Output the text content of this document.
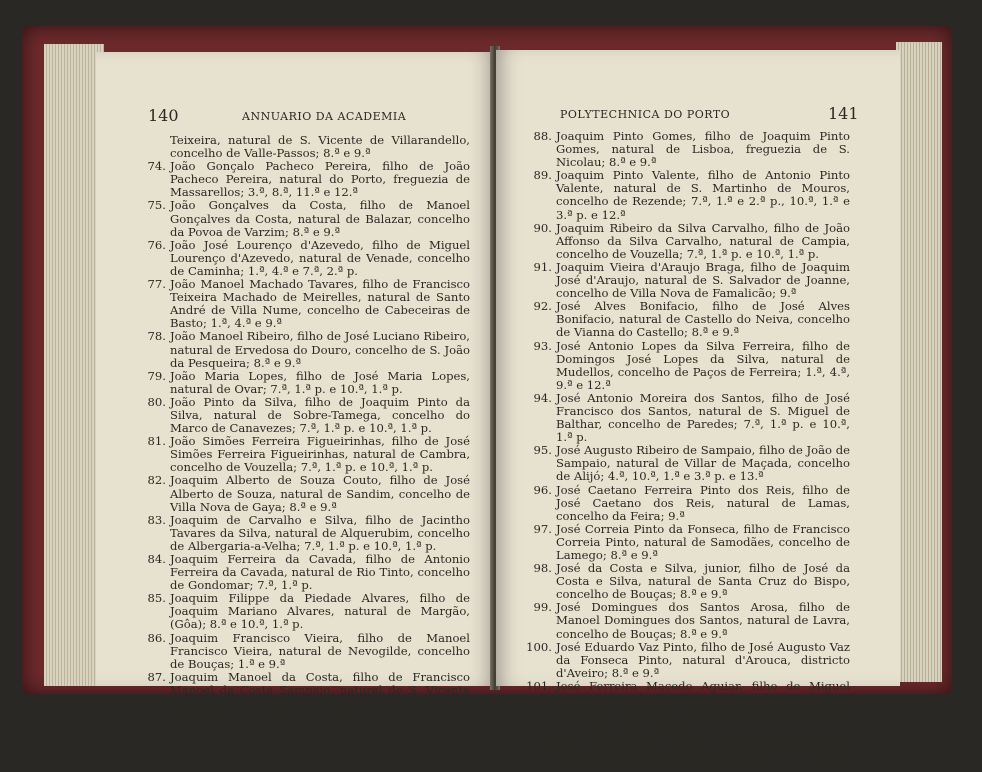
140	ANNUARIO DA ACADEMIA
Teixeira, natural de S. Vicente de Villarandello, concelho de Valle-Passos; 8.ª e 9.ª
74. João Gonçalo Pacheco Pereira, filho de João Pacheco Pereira, natural do Porto, freguezia de Massarellos; 3.ª, 8.ª, 11.ª e 12.ª
75. João Gonçalves da Costa, filho de Manoel Gonçalves da Costa, natural de Balazar, concelho da Povoa de Varzim; 8.ª e 9.ª
76. João José Lourenço d'Azevedo, filho de Miguel Lourenço d'Azevedo, natural de Venade, concelho de Caminha; 1.ª, 4.ª e 7.ª, 2.ª p.
77. João Manoel Machado Tavares, filho de Francisco Teixeira Machado de Meirelles, natural de Santo André de Villa Nume, concelho de Cabeceiras de Basto; 1.ª, 4.ª e 9.ª
78. João Manoel Ribeiro, filho de José Luciano Ribeiro, natural de Ervedosa do Douro, concelho de S. João da Pesqueira; 8.ª e 9.ª
79. João Maria Lopes, filho de José Maria Lopes, natural de Ovar; 7.ª, 1.ª p. e 10.ª, 1.ª p.
80. João Pinto da Silva, filho de Joaquim Pinto da Silva, natural de Sobre-Tamega, concelho do Marco de Canavezes; 7.ª, 1.ª p. e 10.ª, 1.ª p.
81. João Simões Ferreira Figueirinhas, filho de José Simões Ferreira Figueirinhas, natural de Cambra, concelho de Vouzella; 7.ª, 1.ª p. e 10.ª, 1.ª p.
82. Joaquim Alberto de Souza Couto, filho de José Alberto de Souza, natural de Sandim, concelho de Villa Nova de Gaya; 8.ª e 9.ª
83. Joaquim de Carvalho e Silva, filho de Jacintho Tavares da Silva, natural de Alquerubim, concelho de Albergaria-a-Velha; 7.ª, 1.ª p. e 10.ª, 1.ª p.
84. Joaquim Ferreira da Cavada, filho de Antonio Ferreira da Cavada, natural de Rio Tinto, concelho de Gondomar; 7.ª, 1.ª p.
85. Joaquim Filippe da Piedade Alvares, filho de Joaquim Mariano Alvares, natural de Margão, (Gôa); 8.ª e 10.ª, 1.ª p.
86. Joaquim Francisco Vieira, filho de Manoel Francisco Vieira, natural de Nevogilde, concelho de Bouças; 1.ª e 9.ª
87. Joaquim Manoel da Costa, filho de Francisco Manoel da Costa Sampaio, natural de S. Vicente de Souza, concelho de Felgueiras; 7.ª, 1.ª p. e 10.ª, 1.ª p.
POLYTECHNICA DO PORTO	141
88. Joaquim Pinto Gomes, filho de Joaquim Pinto Gomes, natural de Lisboa, freguezia de S. Nicolau; 8.ª e 9.ª
89. Joaquim Pinto Valente, filho de Antonio Pinto Valente, natural de S. Martinho de Mouros, concelho de Rezende; 7.ª, 1.ª e 2.ª p., 10.ª, 1.ª e 3.ª p. e 12.ª
90. Joaquim Ribeiro da Silva Carvalho, filho de João Affonso da Silva Carvalho, natural de Campia, concelho de Vouzella; 7.ª, 1.ª p. e 10.ª, 1.ª p.
91. Joaquim Vieira d'Araujo Braga, filho de Joaquim José d'Araujo, natural de S. Salvador de Joanne, concelho de Villa Nova de Famalicão; 9.ª
92. José Alves Bonifacio, filho de José Alves Bonifacio, natural de Castello do Neiva, concelho de Vianna do Castello; 8.ª e 9.ª
93. José Antonio Lopes da Silva Ferreira, filho de Domingos José Lopes da Silva, natural de Mudellos, concelho de Paços de Ferreira; 1.ª, 4.ª, 9.ª e 12.ª
94. José Antonio Moreira dos Santos, filho de José Francisco dos Santos, natural de S. Miguel de Balthar, concelho de Paredes; 7.ª, 1.ª p. e 10.ª, 1.ª p.
95. José Augusto Ribeiro de Sampaio, filho de João de Sampaio, natural de Villar de Maçada, concelho de Alijó; 4.ª, 10.ª, 1.ª e 3.ª p. e 13.ª
96. José Caetano Ferreira Pinto dos Reis, filho de José Caetano dos Reis, natural de Lamas, concelho da Feira; 9.ª
97. José Correia Pinto da Fonseca, filho de Francisco Correia Pinto, natural de Samodães, concelho de Lamego; 8.ª e 9.ª
98. José da Costa e Silva, junior, filho de José da Costa e Silva, natural de Santa Cruz do Bispo, concelho de Bouças; 8.ª e 9.ª
99. José Domingues dos Santos Arosa, filho de Manoel Domingues dos Santos, natural de Lavra, concelho de Bouças; 8.ª e 9.ª
100. José Eduardo Vaz Pinto, filho de José Augusto Vaz da Fonseca Pinto, natural d'Arouca, districto d'Aveiro; 8.ª e 9.ª
101. José Ferreira Macedo Aguiar, filho de Miguel Bernardino Ferreira Macedo Aguiar, natural de Gondifelos, concelho de Villa Nova de Famalicão; 7.ª, 1.ª p. e 10.ª, 1.ª p.
102. José Francisco da Silva Costa, filho de Manoel Francisco da Silva Costa, natural de S. Mamede d'Infesta, concelho de Bouças; 9.ª
